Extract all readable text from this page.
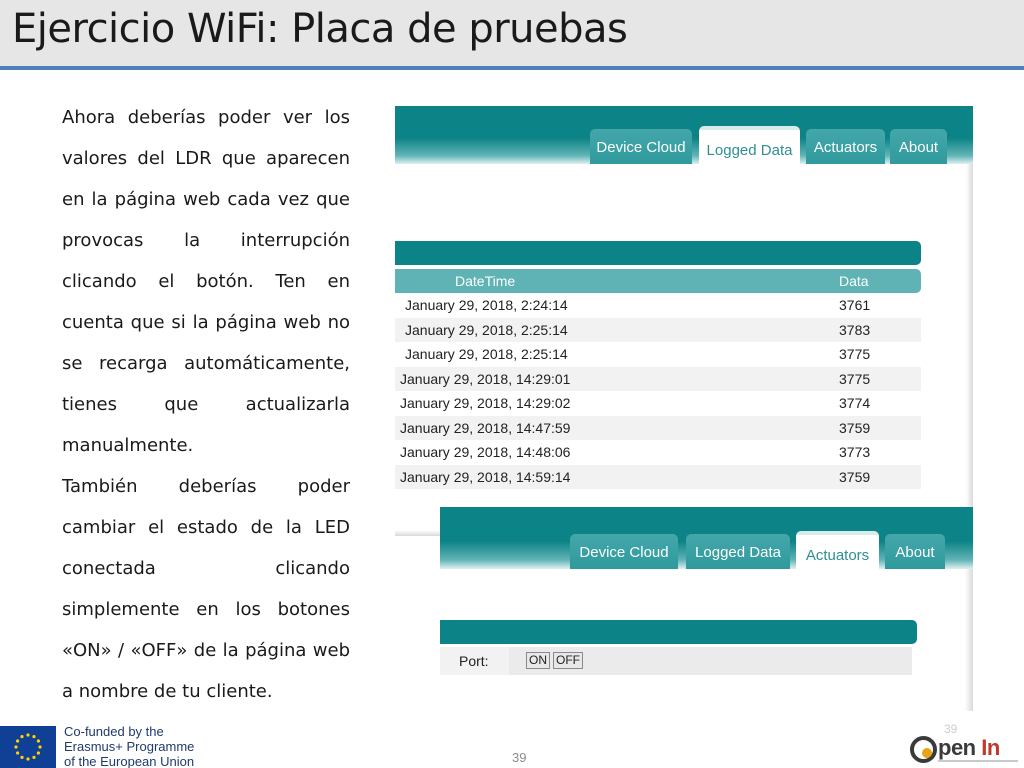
Ejercicio WiFi: Placa de pruebas

Ahora deberías poder ver los valores del LDR que aparecen en la página web cada vez que provocas la interrupción clicando el botón. Ten en cuenta que si la página web no se recarga automáticamente, tienes que actualizarla manualmente.

También deberías poder cambiar el estado de la LED conectada clicando simplemente en los botones «ON» / «OFF» de la página web a nombre de tu cliente.

Device Cloud	Logged Data	Actuators	About
DateTime	Data
January 29, 2018, 2:24:14	3761
January 29, 2018, 2:25:14	3783
January 29, 2018, 2:25:14	3775
January 29, 2018, 14:29:01	3775
January 29, 2018, 14:29:02	3774
January 29, 2018, 14:47:59	3759
January 29, 2018, 14:48:06	3773
January 29, 2018, 14:59:14	3759
Device Cloud	Logged Data	Actuators	About
Port:	ON OFF
Co-funded by the
Erasmus+ Programme
of the European Union
39
39	pen In
